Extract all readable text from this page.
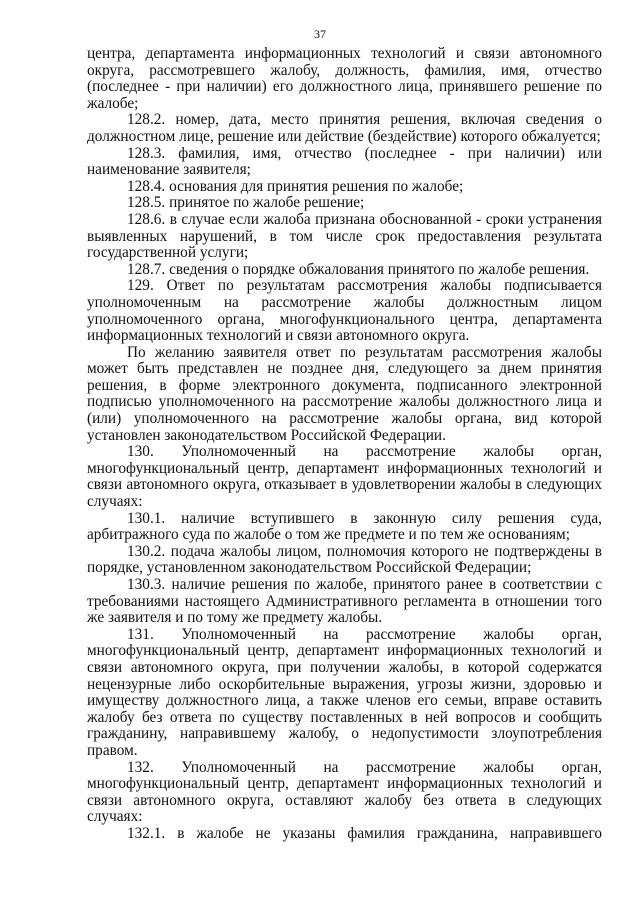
37

центра, департамента информационных технологий и связи автономного округа, рассмотревшего жалобу, должность, фамилия, имя, отчество (последнее - при наличии) его должностного лица, принявшего решение по жалобе;

128.2. номер, дата, место принятия решения, включая сведения о должностном лице, решение или действие (бездействие) которого обжалуется;

128.3. фамилия, имя, отчество (последнее - при наличии) или наименование заявителя;

128.4. основания для принятия решения по жалобе;

128.5. принятое по жалобе решение;

128.6. в случае если жалоба признана обоснованной - сроки устранения выявленных нарушений, в том числе срок предоставления результата государственной услуги;

128.7. сведения о порядке обжалования принятого по жалобе решения.

129. Ответ по результатам рассмотрения жалобы подписывается уполномоченным на рассмотрение жалобы должностным лицом уполномоченного органа, многофункционального центра, департамента информационных технологий и связи автономного округа.

По желанию заявителя ответ по результатам рассмотрения жалобы может быть представлен не позднее дня, следующего за днем принятия решения, в форме электронного документа, подписанного электронной подписью уполномоченного на рассмотрение жалобы должностного лица и (или) уполномоченного на рассмотрение жалобы органа, вид которой установлен законодательством Российской Федерации.

130. Уполномоченный на рассмотрение жалобы орган, многофункциональный центр, департамент информационных технологий и связи автономного округа, отказывает в удовлетворении жалобы в следующих случаях:

130.1. наличие вступившего в законную силу решения суда, арбитражного суда по жалобе о том же предмете и по тем же основаниям;

130.2. подача жалобы лицом, полномочия которого не подтверждены в порядке, установленном законодательством Российской Федерации;

130.3. наличие решения по жалобе, принятого ранее в соответствии с требованиями настоящего Административного регламента в отношении того же заявителя и по тому же предмету жалобы.

131. Уполномоченный на рассмотрение жалобы орган, многофункциональный центр, департамент информационных технологий и связи автономного округа, при получении жалобы, в которой содержатся нецензурные либо оскорбительные выражения, угрозы жизни, здоровью и имуществу должностного лица, а также членов его семьи, вправе оставить жалобу без ответа по существу поставленных в ней вопросов и сообщить гражданину, направившему жалобу, о недопустимости злоупотребления правом.

132. Уполномоченный на рассмотрение жалобы орган, многофункциональный центр, департамент информационных технологий и связи автономного округа, оставляют жалобу без ответа в следующих случаях:

132.1. в жалобе не указаны фамилия гражданина, направившего
